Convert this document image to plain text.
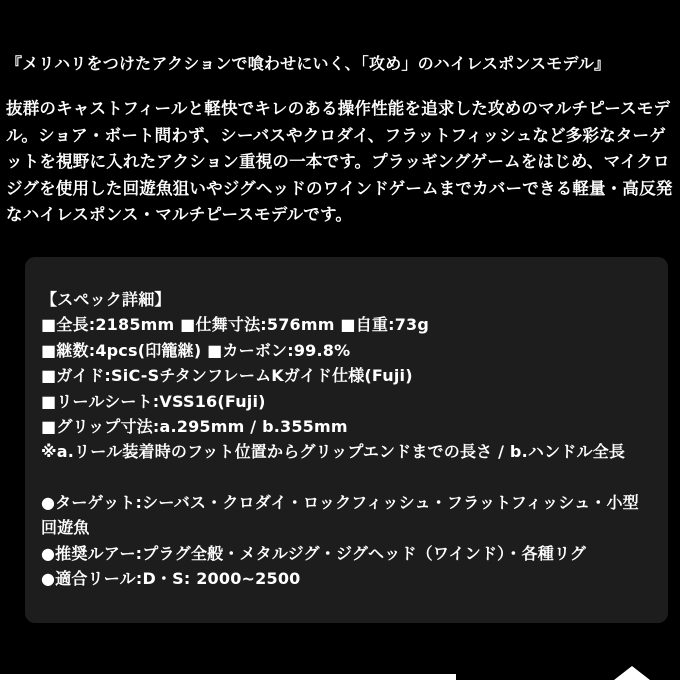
『メリハリをつけたアクションで喰わせにいく、「攻め」のハイレスポンスモデル』
抜群のキャストフィールと軽快でキレのある操作性能を追求した攻めのマルチピースモデル。ショア・ボート問わず、シーバスやクロダイ、フラットフィッシュなど多彩なターゲットを視野に入れたアクション重視の一本です。プラッギングゲームをはじめ、マイクロジグを使用した回遊魚狙いやジグヘッドのワインドゲームまでカバーできる軽量・高反発なハイレスポンス・マルチピースモデルです。

【スペック詳細】

■全長:2185mm ■仕舞寸法:576mm ■自重:73g

■継数:4pcs(印籠継) ■カーボン:99.8%

■ガイド:SiC-SチタンフレームKガイド仕様(Fuji)

■リールシート:VSS16(Fuji)

■グリップ寸法:a.295mm / b.355mm

※a.リール装着時のフット位置からグリップエンドまでの長さ / b.ハンドル全長

●ターゲット:シーバス・クロダイ・ロックフィッシュ・フラットフィッシュ・小型回遊魚

●推奨ルアー:プラグ全般・メタルジグ・ジグヘッド（ワインド）・各種リグ

●適合リール:D・S: 2000~2500
